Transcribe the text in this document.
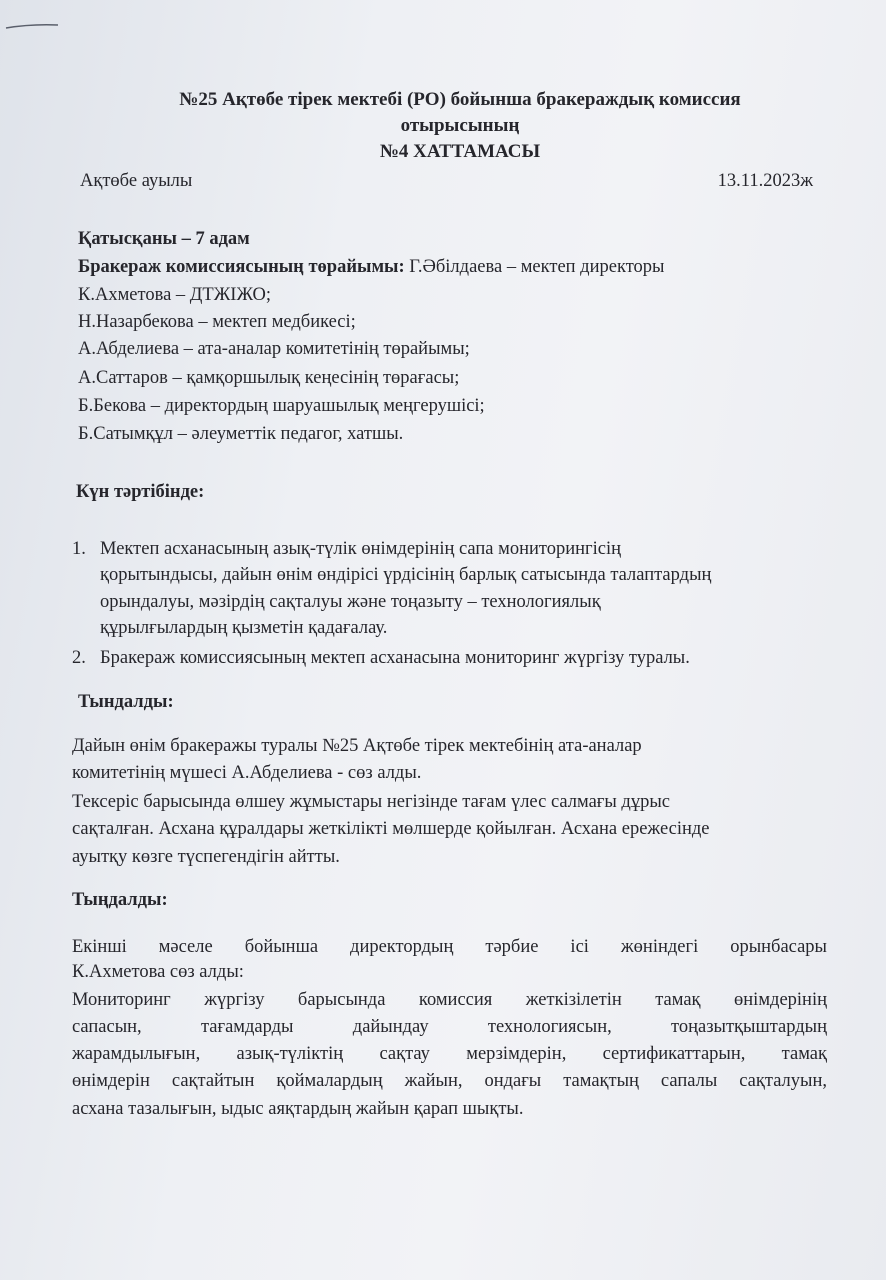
№25 Ақтөбе тірек мектебі (РО) бойынша бракераждық комиссия
отырысының
№4 ХАТТАМАСЫ
Ақтөбе ауылы	13.11.2023ж
Қатысқаны – 7 адам
Бракераж комиссиясының төрайымы: Г.Әбілдаева – мектеп директоры
К.Ахметова – ДТЖІЖО;
Н.Назарбекова – мектеп медбикесі;
А.Абделиева – ата-аналар комитетінің төрайымы;
А.Саттаров – қамқоршылық кеңесінің төрағасы;
Б.Бекова – директордың шаруашылық меңгерушісі;
Б.Сатымқұл – әлеуметтік педагог, хатшы.
Күн тәртібінде:
1. Мектеп асханасының азық-түлік өнімдерінің сапа мониторингісің
қорытындысы, дайын өнім өндірісі үрдісінің барлық сатысында талаптардың
орындалуы, мәзірдің сақталуы және тоңазыту – технологиялық
құрылғылардың қызметін қадағалау.
2. Бракераж комиссиясының мектеп асханасына мониторинг жүргізу туралы.
Тындалды:
Дайын өнім бракеражы туралы №25 Ақтөбе тірек мектебінің ата-аналар
комитетінің мүшесі А.Абделиева - сөз алды.
Тексеріс барысында өлшеу жұмыстары негізінде тағам үлес салмағы дұрыс
сақталған. Асхана құралдары жеткілікті мөлшерде қойылған. Асхана ережесінде
ауытқу көзге түспегендігін айтты.
Тыңдалды:
Екінші мәселе бойынша директордың тәрбие ісі жөніндегі орынбасары
К.Ахметова сөз алды:
Мониторинг жүргізу барысында комиссия жеткізілетін тамақ өнімдерінің
сапасын, тағамдарды дайындау технологиясын, тоңазытқыштардың
жарамдылығын, азық-түліктің сақтау мерзімдерін, сертификаттарын, тамақ
өнімдерін сақтайтын қоймалардың жайын, ондағы тамақтың сапалы сақталуын,
асхана тазалығын, ыдыс аяқтардың жайын қарап шықты.
